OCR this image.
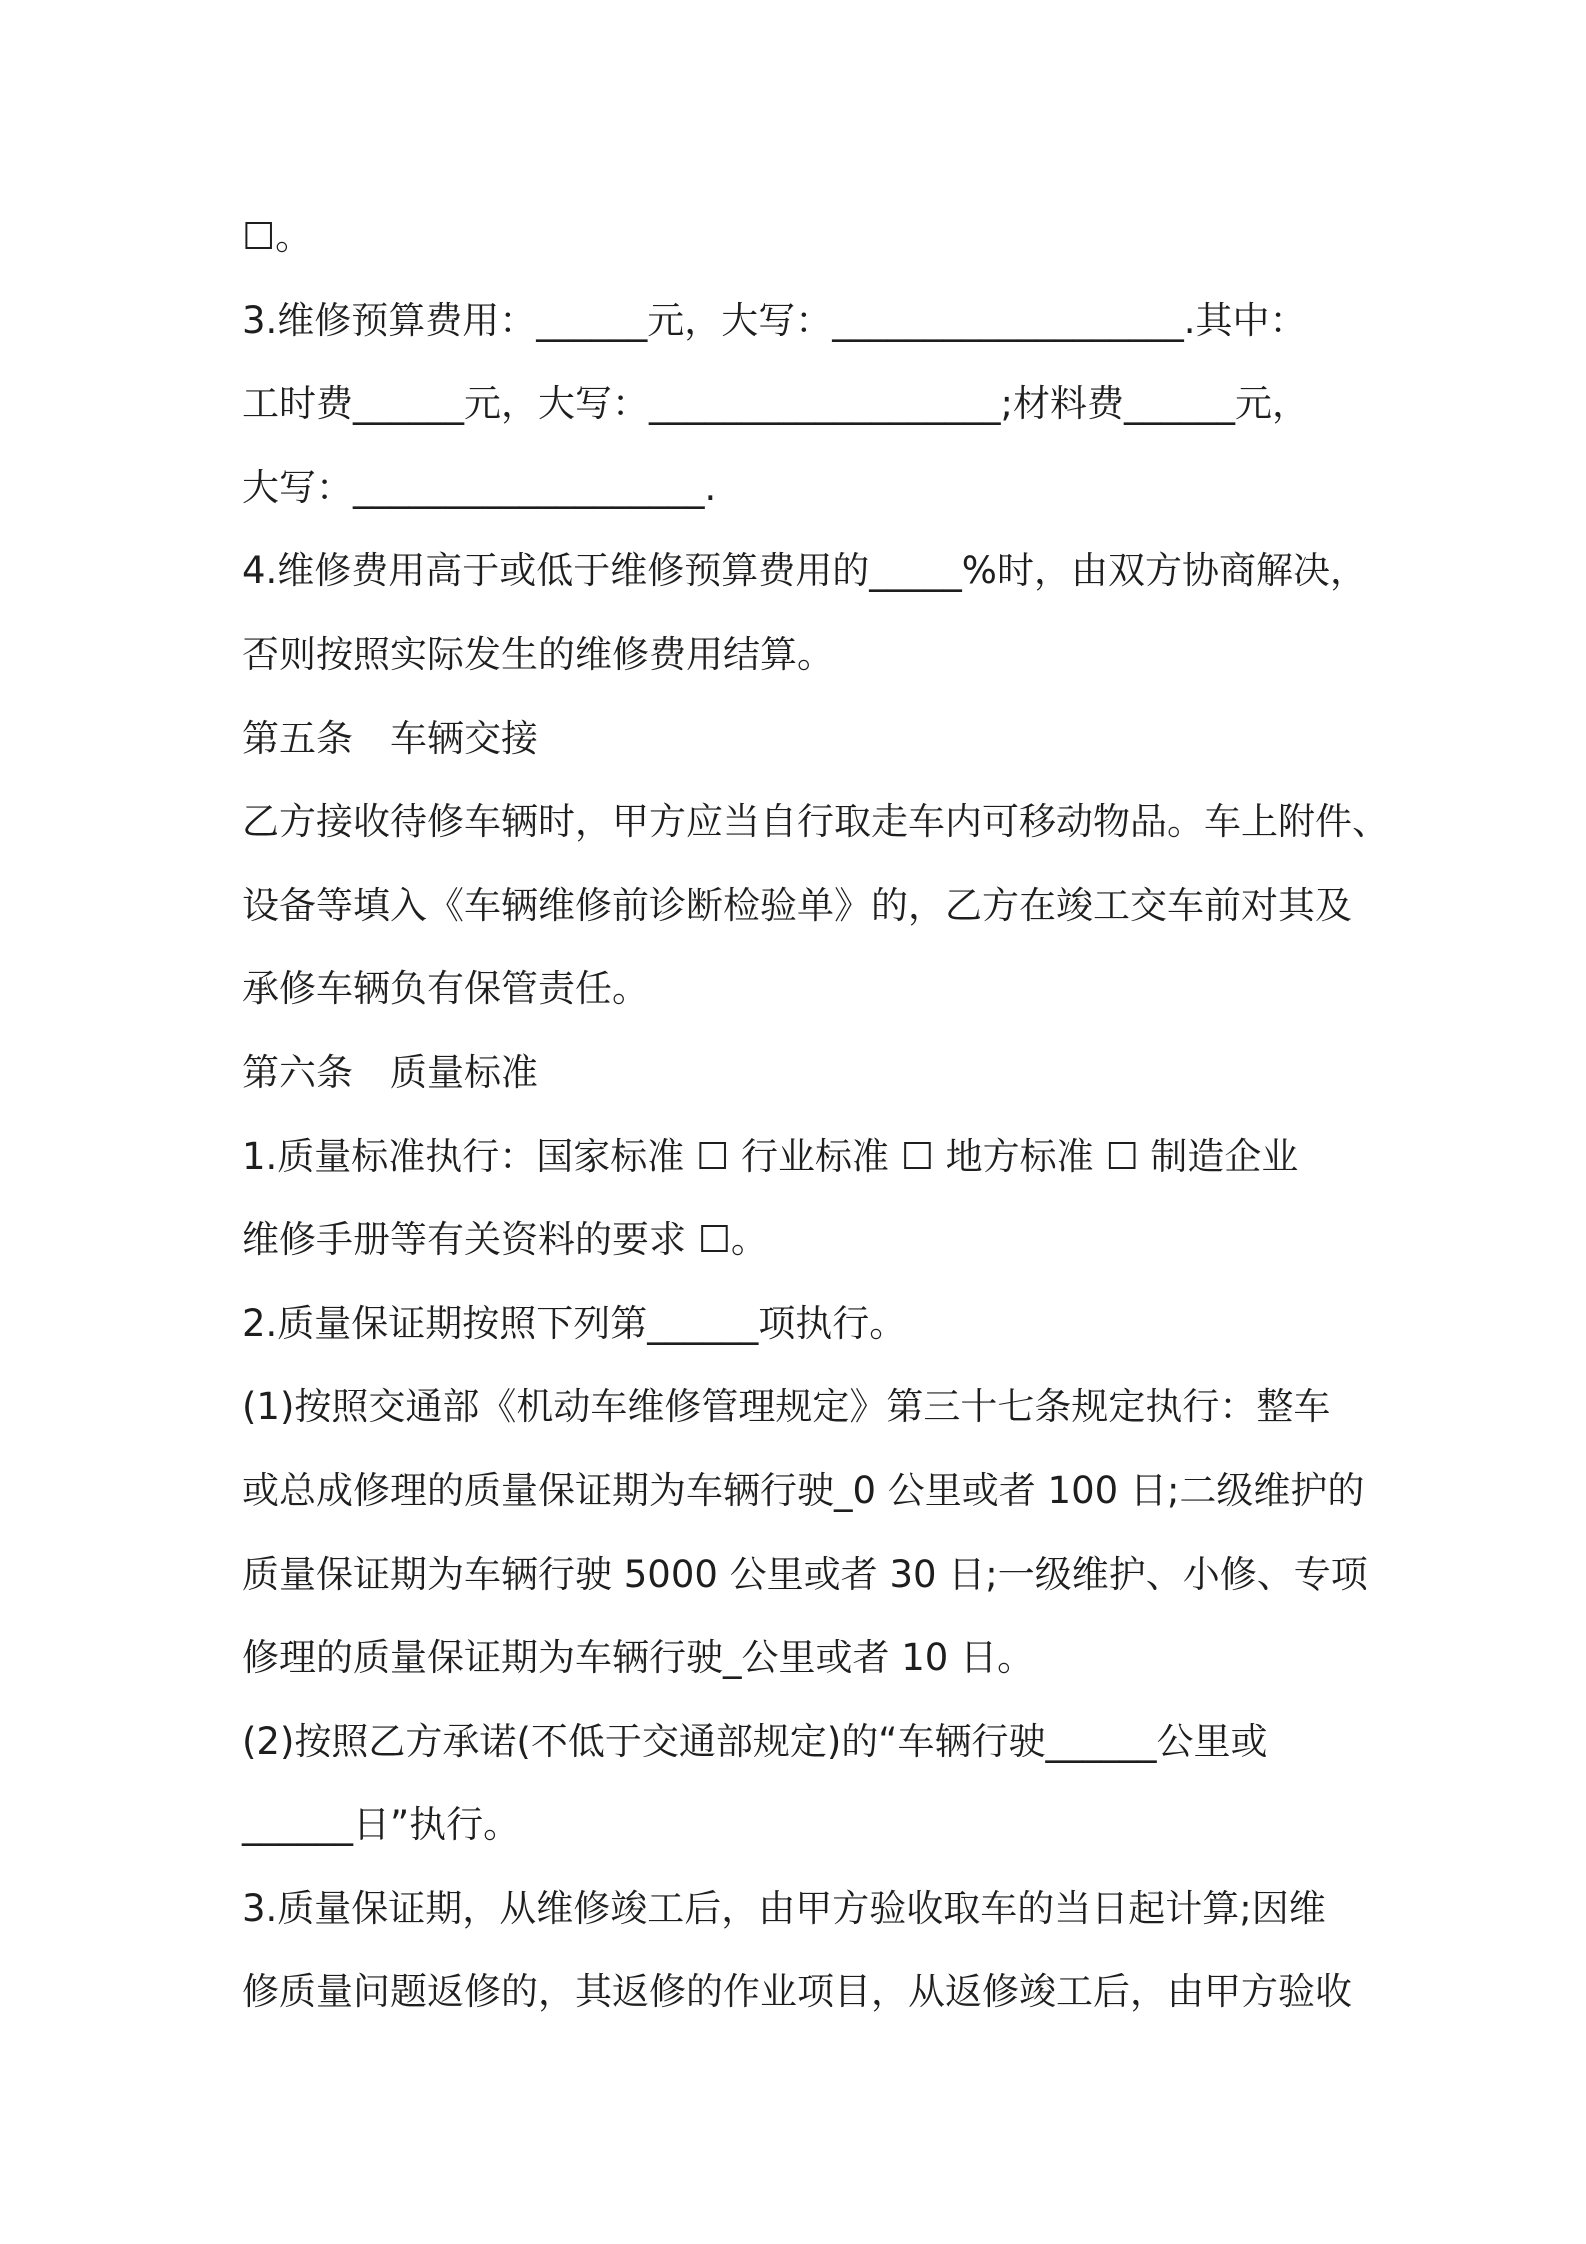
☐。
3.维修预算费用：______元，大写：___________________.其中：
工时费______元，大写：___________________;材料费______元，
大写：___________________.
4.维修费用高于或低于维修预算费用的_____%时，由双方协商解决，
否则按照实际发生的维修费用结算。
第五条　车辆交接
乙方接收待修车辆时，甲方应当自行取走车内可移动物品。车上附件、
设备等填入《车辆维修前诊断检验单》的，乙方在竣工交车前对其及
承修车辆负有保管责任。
第六条　质量标准
1.质量标准执行：国家标准 ☐ 行业标准 ☐ 地方标准 ☐ 制造企业
维修手册等有关资料的要求 ☐。
2.质量保证期按照下列第______项执行。
(1)按照交通部《机动车维修管理规定》第三十七条规定执行：整车
或总成修理的质量保证期为车辆行驶_0 公里或者 100 日;二级维护的
质量保证期为车辆行驶 5000 公里或者 30 日;一级维护、小修、专项
修理的质量保证期为车辆行驶_公里或者 10 日。
(2)按照乙方承诺(不低于交通部规定)的“车辆行驶______公里或
______日”执行。
3.质量保证期，从维修竣工后，由甲方验收取车的当日起计算;因维
修质量问题返修的，其返修的作业项目，从返修竣工后，由甲方验收
